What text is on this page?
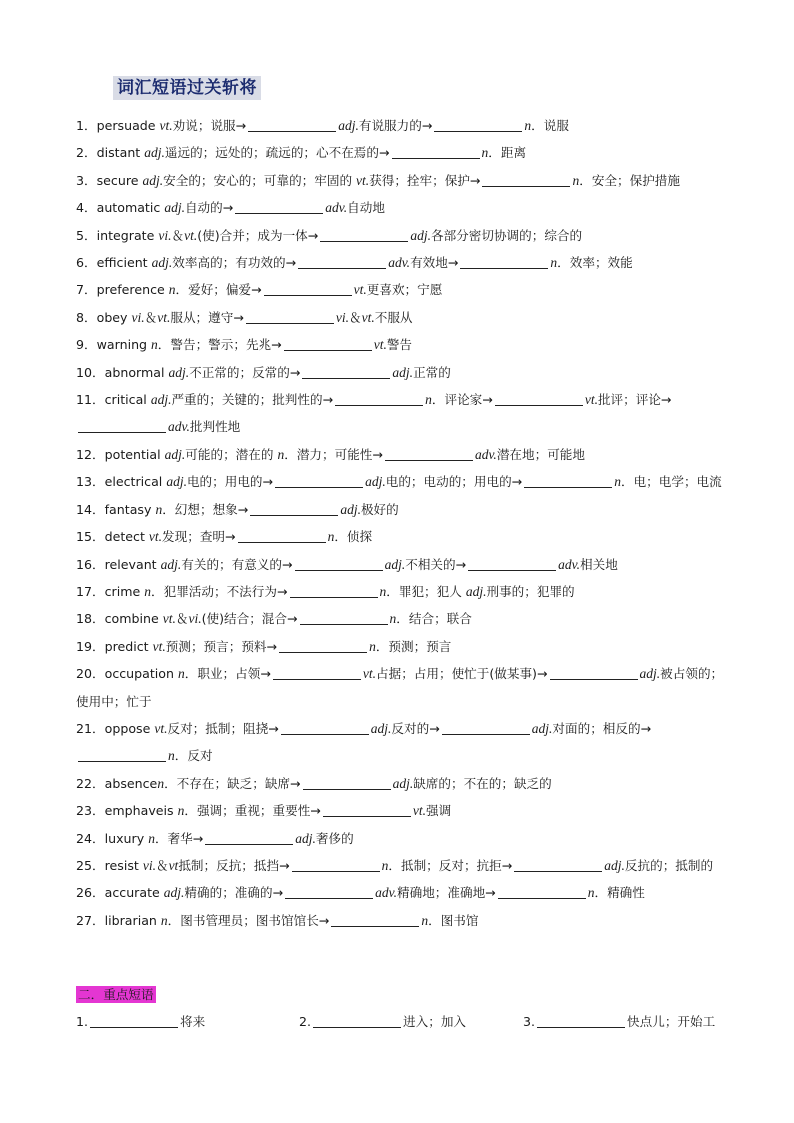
词汇短语过关斩将
1．persuade vt.劝说；说服→	adj.有说服力的→	n．说服
2．distant adj.遥远的；远处的；疏远的；心不在焉的→	n．距离
3．secure adj.安全的；安心的；可靠的；牢固的 vt.获得；拴牢；保护→	n．安全；保护措施
4．automatic adj.自动的→	adv.自动地
5．integrate vi.＆vt.(使)合并；成为一体→	adj.各部分密切协调的；综合的
6．efficient adj.效率高的；有功效的→	adv.有效地→	n．效率；效能
7．preference n．爱好；偏爱→	vt.更喜欢；宁愿
8．obey vi.＆vt.服从；遵守→	vi.＆vt.不服从
9．warning n．警告；警示；先兆→	vt.警告
10．abnormal adj.不正常的；反常的→	adj.正常的
11．critical adj.严重的；关键的；批判性的→	n．评论家→	vt.批评；评论→adv.批判性地
12．potential adj.可能的；潜在的 n．潜力；可能性→	adv.潜在地；可能地
13．electrical adj.电的；用电的→	adj.电的；电动的；用电的→	n．电；电学；电流
14．fantasy n．幻想；想象→	adj.极好的
15．detect vt.发现；查明→	n．侦探
16．relevant adj.有关的；有意义的→	adj.不相关的→	adv.相关地
17．crime n．犯罪活动；不法行为→	n．罪犯；犯人 adj.刑事的；犯罪的
18．combine vt.＆vi.(使)结合；混合→	n．结合；联合
19．predict vt.预测；预言；预料→	n．预测；预言
20．occupation n．职业；占领→	vt.占据；占用；使忙于(做某事)→	adj.被占领的；使用中；忙于
21．oppose vt.反对；抵制；阻挠→	adj.反对的→	adj.对面的；相反的→n．反对
22．absencen．不存在；缺乏；缺席→	adj.缺席的；不在的；缺乏的
23．emphaveis n．强调；重视；重要性→	vt.强调
24．luxury n．奢华→	adj.奢侈的
25．resist vi.＆vt抵制；反抗；抵挡→	n．抵制；反对；抗拒→	adj.反抗的；抵制的
26．accurate adj.精确的；准确的→	adv.精确地；准确地→	n．精确性
27．librarian n．图书管理员；图书馆馆长→	n．图书馆
二．重点短语
1.	将来	2.	进入；加入	3.	快点儿；开始工
